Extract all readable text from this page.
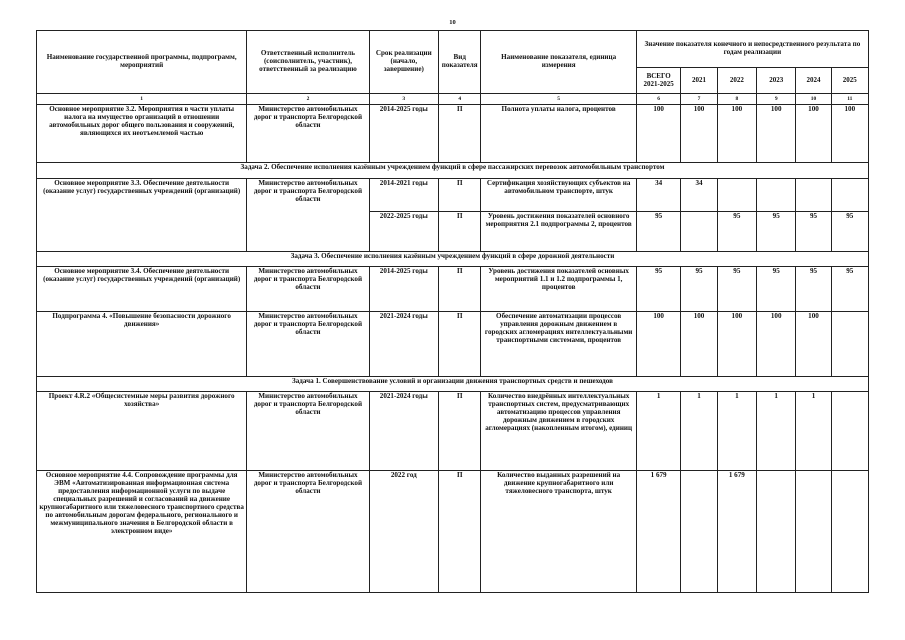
10
Наименование государственной программы, подпрограмм, мероприятий	Ответственный исполнитель (соисполнитель, участник), ответственный за реализацию	Срок реализации (начало, завершение)	Вид показателя	Наименование показателя, единица измерения	Значение показателя конечного и непосредственного результата по годам реализации					
					ВСЕГО 2021-2025	2021	2022	2023	2024	2025
1	2	3	4	5	6	7	8	9	10	11
Основное мероприятие 3.2. Мероприятия в части уплаты налога на имущество организаций в отношении автомобильных дорог общего пользования и сооружений, являющихся их неотъемлемой частью	Министерство автомобильных дорог и транспорта Белгородской области	2014-2025 годы	П	Полнота уплаты налога, процентов	100	100	100	100	100	100
Задача 2. Обеспечение исполнения казённым учреждением функций в сфере пассажирских перевозок автомобильным транспортом										
Основное мероприятие 3.3. Обеспечение деятельности (оказание услуг) государственных учреждений (организаций)	Министерство автомобильных дорог и транспорта Белгородской области	2014-2021 годы	П	Сертификация хозяйствующих субъектов на автомобильном транспорте, штук	34	34				
		2022-2025 годы	П	Уровень достижения показателей основного мероприятия 2.1 подпрограммы 2, процентов	95		95	95	95	95
Задача 3. Обеспечение исполнения казённым учреждением функций в сфере дорожной деятельности										
Основное мероприятие 3.4. Обеспечение деятельности (оказание услуг) государственных учреждений (организаций)	Министерство автомобильных дорог и транспорта Белгородской области	2014-2025 годы	П	Уровень достижения показателей основных мероприятий 1.1 и 1.2 подпрограммы 1, процентов	95	95	95	95	95	95
Подпрограмма 4. «Повышение безопасности дорожного движения»	Министерство автомобильных дорог и транспорта Белгородской области	2021-2024 годы	П	Обеспечение автоматизации процессов управления дорожным движением в городских агломерациях интеллектуальными транспортными системами, процентов	100	100	100	100	100	
Задача 1. Совершенствование условий и организации движения транспортных средств и пешеходов										
Проект 4.R.2 «Общесистемные меры развития дорожного хозяйства»	Министерство автомобильных дорог и транспорта Белгородской области	2021-2024 годы	П	Количество внедрённых интеллектуальных транспортных систем, предусматривающих автоматизацию процессов управления дорожным движением в городских агломерациях (накопленным итогом), единиц	1	1	1	1	1	
Основное мероприятие 4.4. Сопровождение программы для ЭВМ «Автоматизированная информационная система предоставления информационной услуги по выдаче специальных разрешений и согласований на движение крупногабаритного или тяжеловесного транспортного средства по автомобильным дорогам федерального, регионального и межмуниципального значения в Белгородской области в электронном виде»	Министерство автомобильных дорог и транспорта Белгородской области	2022 год	П	Количество выданных разрешений на движение крупногабаритного или тяжеловесного транспорта, штук	1 679		1 679			
